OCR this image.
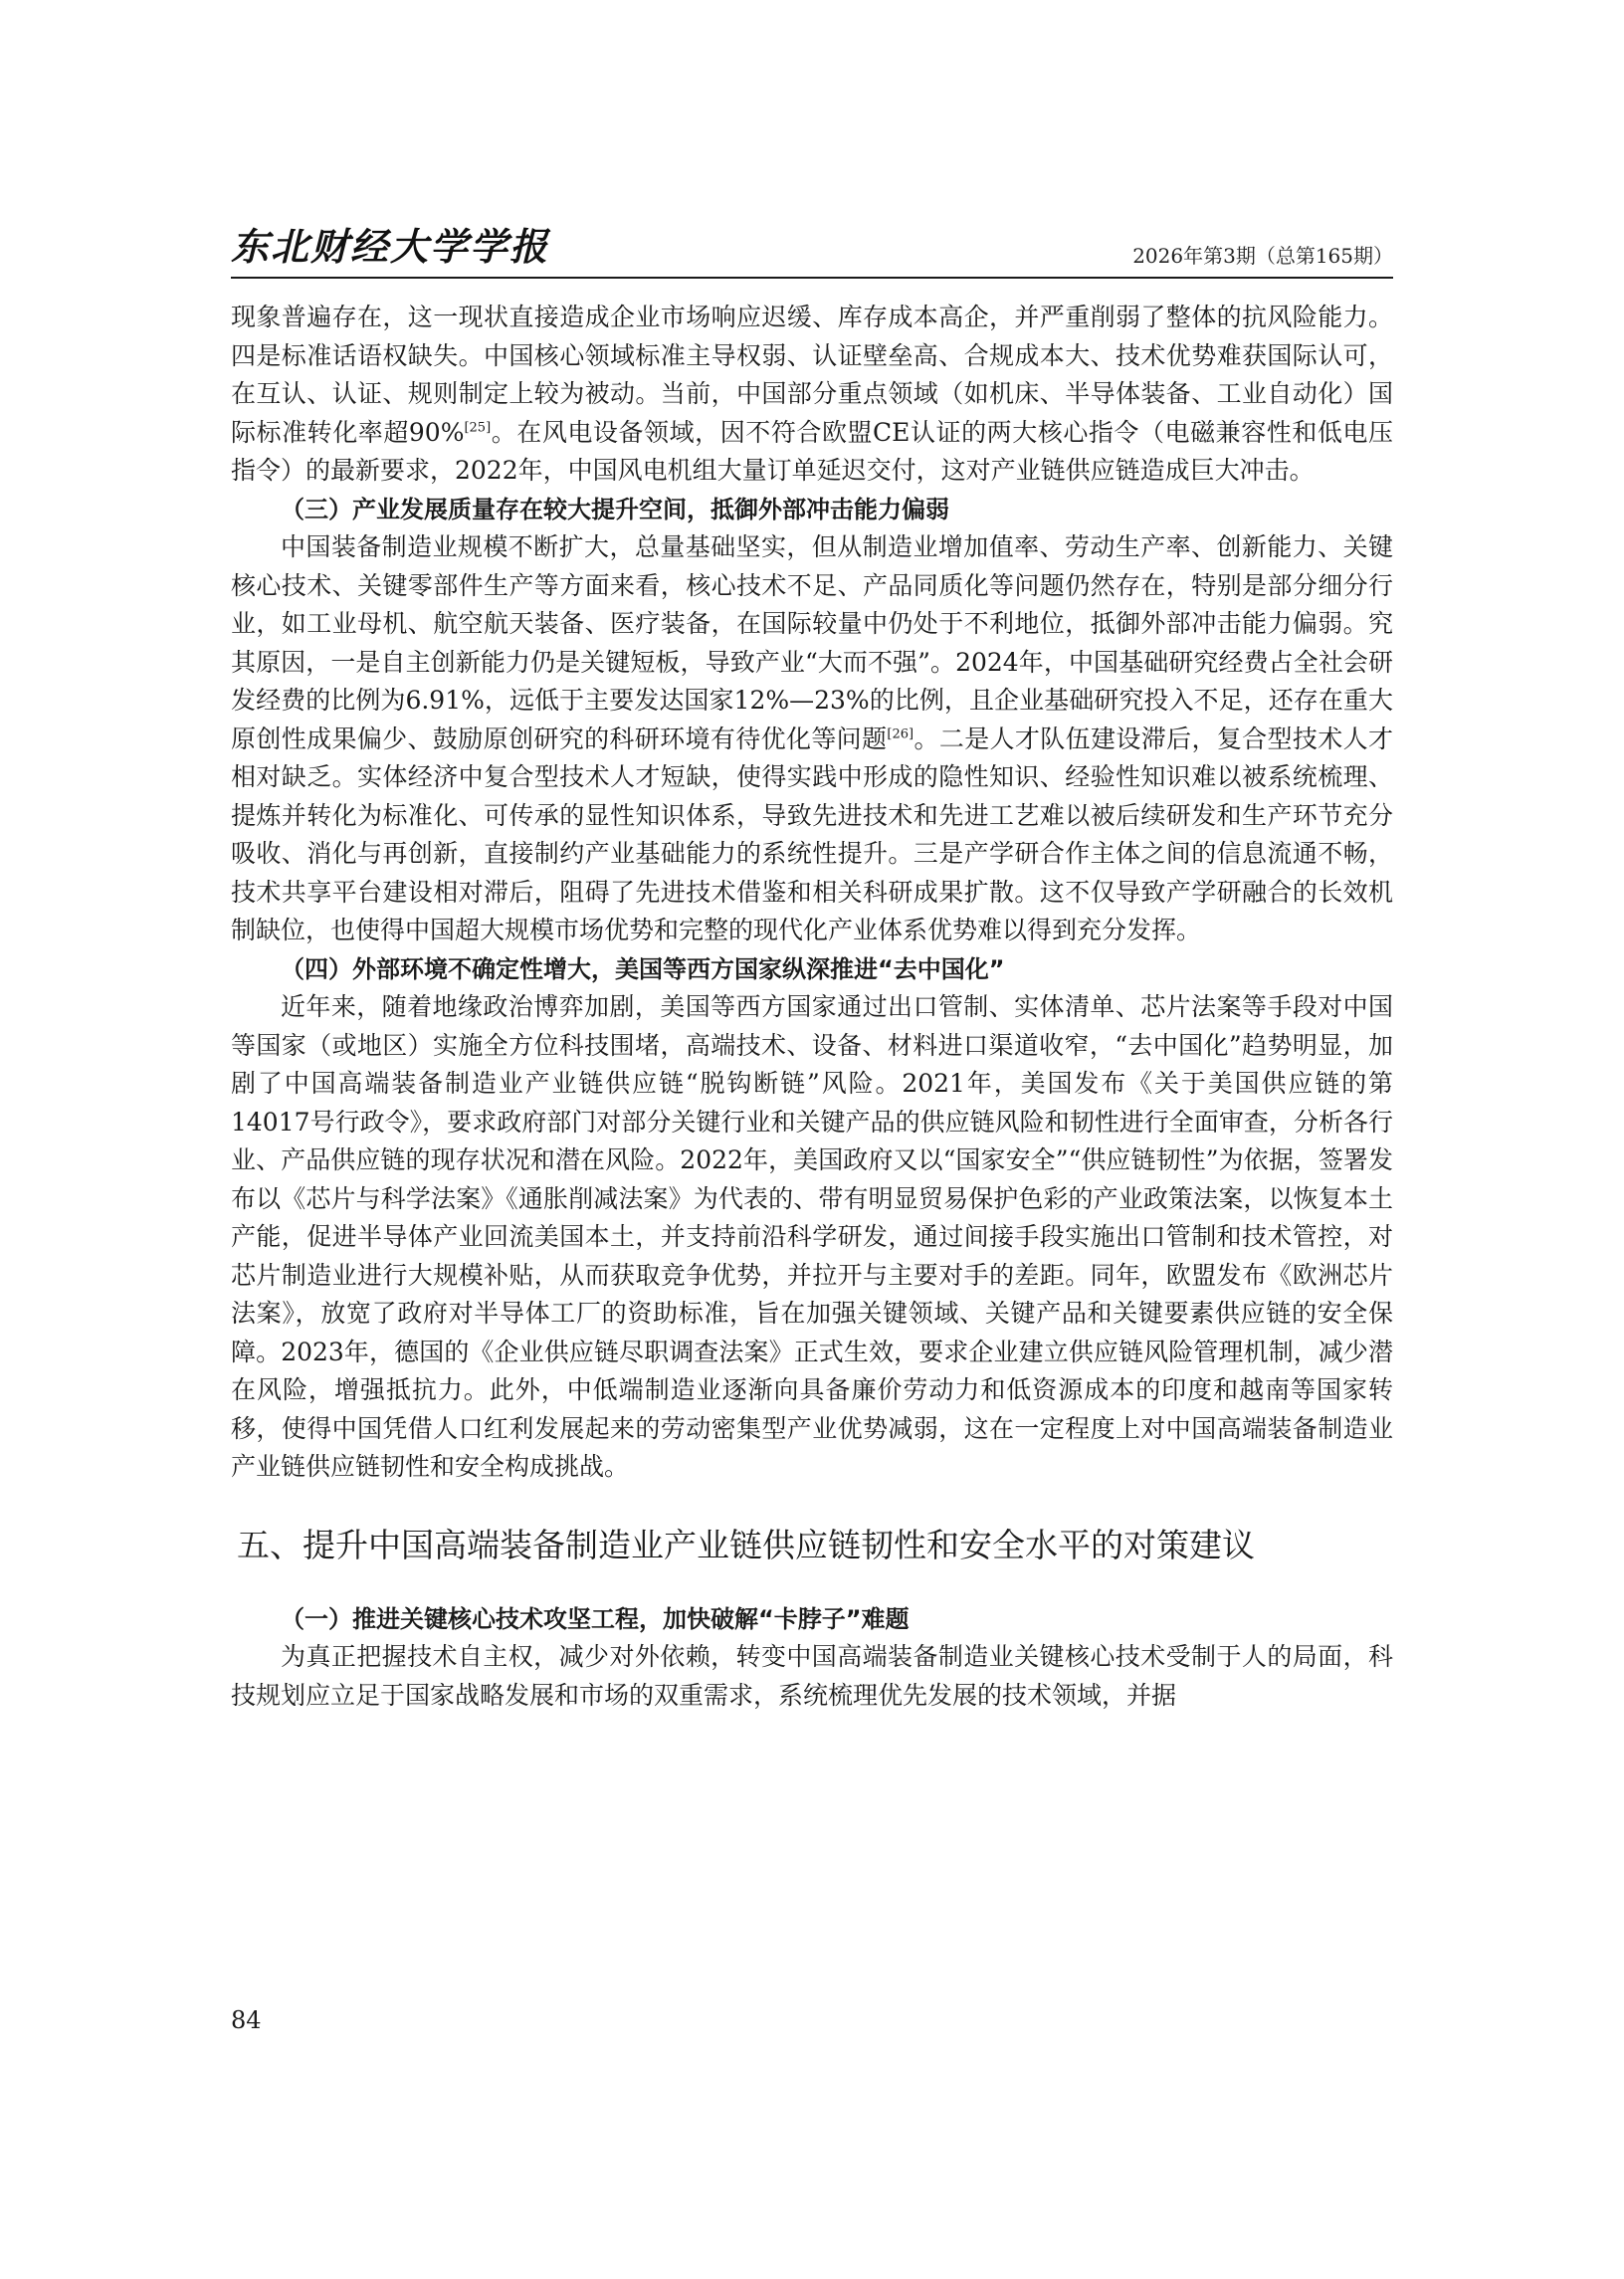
东北财经大学学报	2026年第3期（总第165期）

现象普遍存在，这一现状直接造成企业市场响应迟缓、库存成本高企，并严重削弱了整体的抗风险能力。四是标准话语权缺失。中国核心领域标准主导权弱、认证壁垒高、合规成本大、技术优势难获国际认可，在互认、认证、规则制定上较为被动。当前，中国部分重点领域（如机床、半导体装备、工业自动化）国际标准转化率超90%[25]。在风电设备领域，因不符合欧盟CE认证的两大核心指令（电磁兼容性和低电压指令）的最新要求，2022年，中国风电机组大量订单延迟交付，这对产业链供应链造成巨大冲击。

（三）产业发展质量存在较大提升空间，抵御外部冲击能力偏弱

中国装备制造业规模不断扩大，总量基础坚实，但从制造业增加值率、劳动生产率、创新能力、关键核心技术、关键零部件生产等方面来看，核心技术不足、产品同质化等问题仍然存在，特别是部分细分行业，如工业母机、航空航天装备、医疗装备，在国际较量中仍处于不利地位，抵御外部冲击能力偏弱。究其原因，一是自主创新能力仍是关键短板，导致产业“大而不强”。2024年，中国基础研究经费占全社会研发经费的比例为6.91%，远低于主要发达国家12%—23%的比例，且企业基础研究投入不足，还存在重大原创性成果偏少、鼓励原创研究的科研环境有待优化等问题[26]。二是人才队伍建设滞后，复合型技术人才相对缺乏。实体经济中复合型技术人才短缺，使得实践中形成的隐性知识、经验性知识难以被系统梳理、提炼并转化为标准化、可传承的显性知识体系，导致先进技术和先进工艺难以被后续研发和生产环节充分吸收、消化与再创新，直接制约产业基础能力的系统性提升。三是产学研合作主体之间的信息流通不畅，技术共享平台建设相对滞后，阻碍了先进技术借鉴和相关科研成果扩散。这不仅导致产学研融合的长效机制缺位，也使得中国超大规模市场优势和完整的现代化产业体系优势难以得到充分发挥。

（四）外部环境不确定性增大，美国等西方国家纵深推进“去中国化”

近年来，随着地缘政治博弈加剧，美国等西方国家通过出口管制、实体清单、芯片法案等手段对中国等国家（或地区）实施全方位科技围堵，高端技术、设备、材料进口渠道收窄，“去中国化”趋势明显，加剧了中国高端装备制造业产业链供应链“脱钩断链”风险。2021年，美国发布《关于美国供应链的第14017号行政令》，要求政府部门对部分关键行业和关键产品的供应链风险和韧性进行全面审查，分析各行业、产品供应链的现存状况和潜在风险。2022年，美国政府又以“国家安全”“供应链韧性”为依据，签署发布以《芯片与科学法案》《通胀削减法案》为代表的、带有明显贸易保护色彩的产业政策法案，以恢复本土产能，促进半导体产业回流美国本土，并支持前沿科学研发，通过间接手段实施出口管制和技术管控，对芯片制造业进行大规模补贴，从而获取竞争优势，并拉开与主要对手的差距。同年，欧盟发布《欧洲芯片法案》，放宽了政府对半导体工厂的资助标准，旨在加强关键领域、关键产品和关键要素供应链的安全保障。2023年，德国的《企业供应链尽职调查法案》正式生效，要求企业建立供应链风险管理机制，减少潜在风险，增强抵抗力。此外，中低端制造业逐渐向具备廉价劳动力和低资源成本的印度和越南等国家转移，使得中国凭借人口红利发展起来的劳动密集型产业优势减弱，这在一定程度上对中国高端装备制造业产业链供应链韧性和安全构成挑战。

五、提升中国高端装备制造业产业链供应链韧性和安全水平的对策建议
（一）推进关键核心技术攻坚工程，加快破解“卡脖子”难题

为真正把握技术自主权，减少对外依赖，转变中国高端装备制造业关键核心技术受制于人的局面，科技规划应立足于国家战略发展和市场的双重需求，系统梳理优先发展的技术领域，并据

84
